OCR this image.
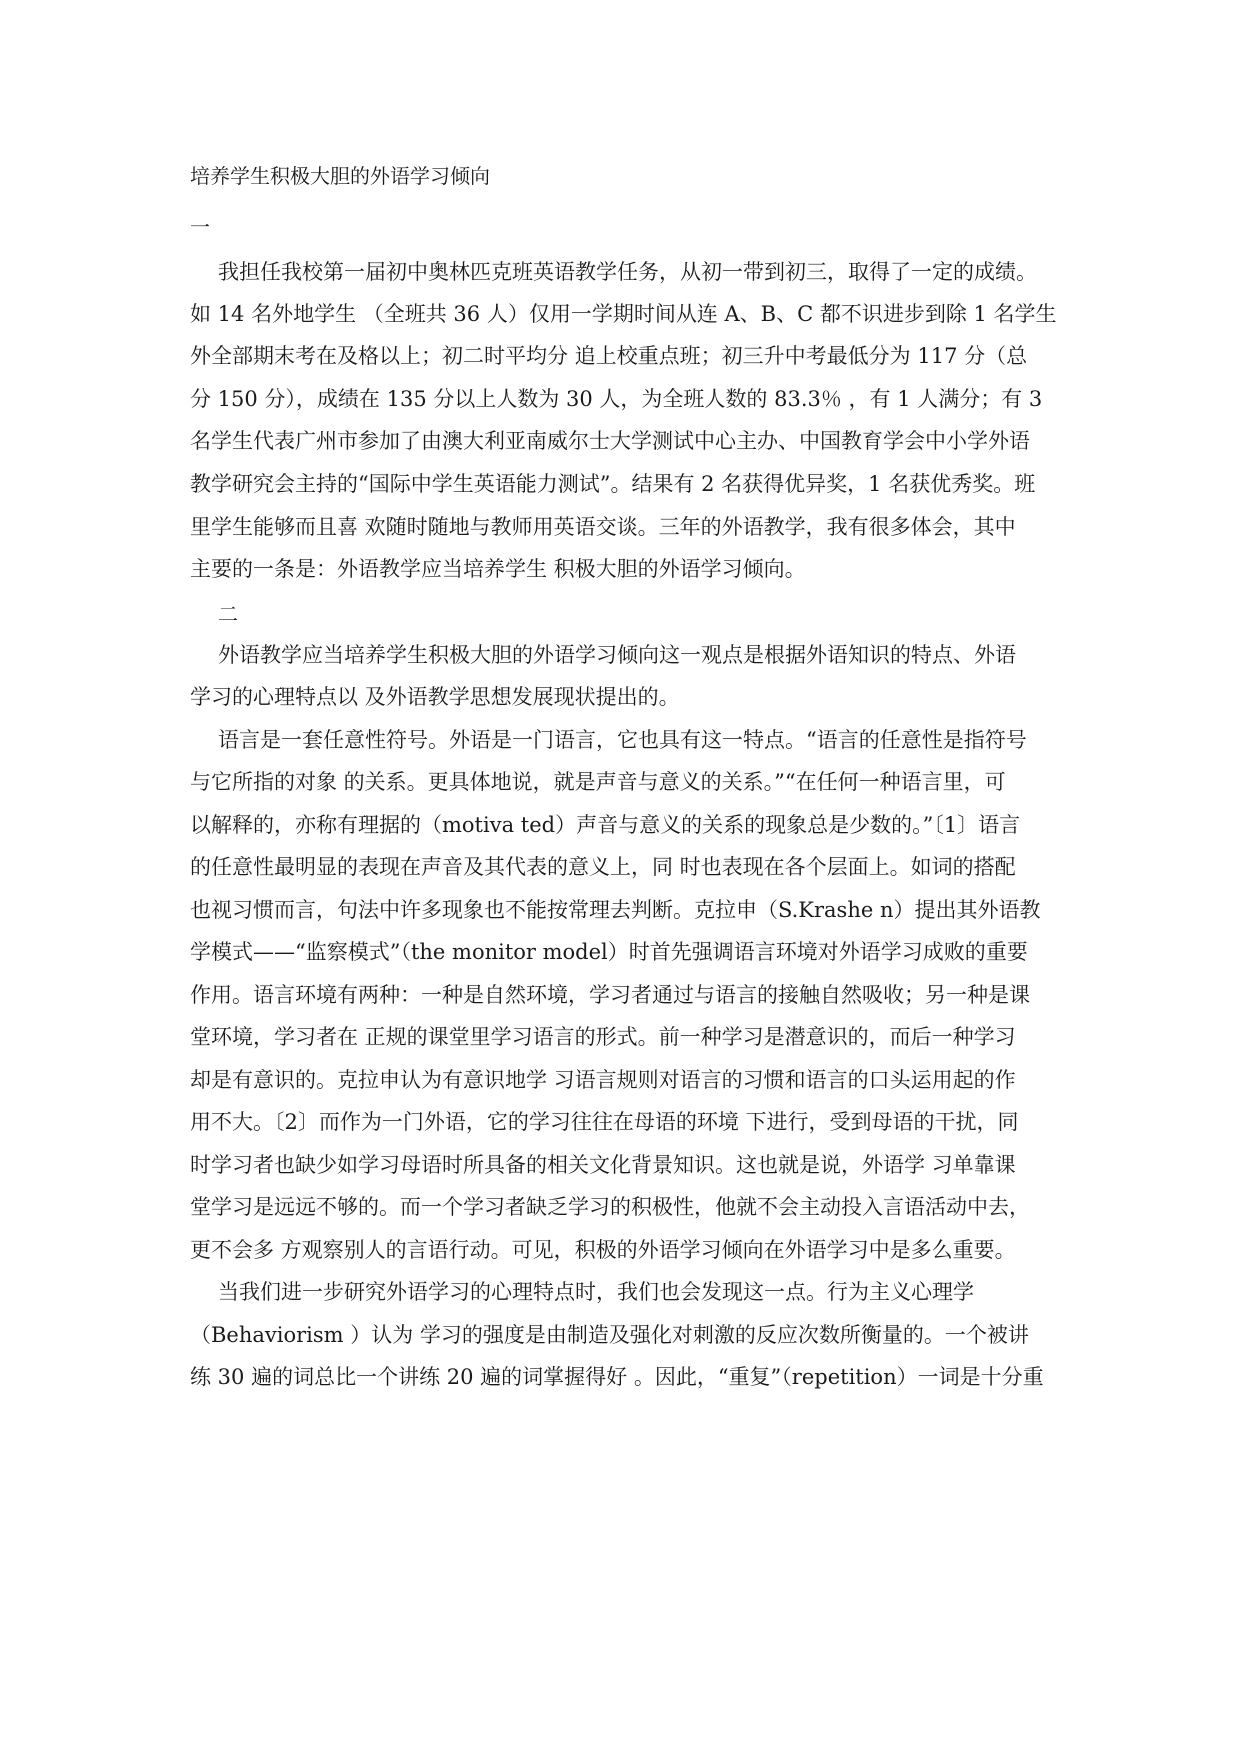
培养学生积极大胆的外语学习倾向
一
我担任我校第一届初中奥林匹克班英语教学任务，从初一带到初三，取得了一定的成绩。
如 14 名外地学生 （全班共 36 人）仅用一学期时间从连 A、B、C 都不识进步到除 1 名学生
外全部期末考在及格以上；初二时平均分 追上校重点班；初三升中考最低分为 117 分（总
分 150 分），成绩在 135 分以上人数为 30 人，为全班人数的 83.3％ ，有 1 人满分；有 3
名学生代表广州市参加了由澳大利亚南威尔士大学测试中心主办、中国教育学会中小学外语
教学研究会主持的“国际中学生英语能力测试”。结果有 2 名获得优异奖，1 名获优秀奖。班
里学生能够而且喜 欢随时随地与教师用英语交谈。三年的外语教学，我有很多体会，其中
主要的一条是：外语教学应当培养学生 积极大胆的外语学习倾向。
二
外语教学应当培养学生积极大胆的外语学习倾向这一观点是根据外语知识的特点、外语
学习的心理特点以 及外语教学思想发展现状提出的。
语言是一套任意性符号。外语是一门语言，它也具有这一特点。“语言的任意性是指符号
与它所指的对象 的关系。更具体地说，就是声音与意义的关系。”“在任何一种语言里，可
以解释的，亦称有理据的（motiva ted）声音与意义的关系的现象总是少数的。”〔1〕语言
的任意性最明显的表现在声音及其代表的意义上，同 时也表现在各个层面上。如词的搭配
也视习惯而言，句法中许多现象也不能按常理去判断。克拉申（S.Krashe n）提出其外语教
学模式——“监察模式”（the monitor model）时首先强调语言环境对外语学习成败的重要
作用。语言环境有两种：一种是自然环境，学习者通过与语言的接触自然吸收；另一种是课
堂环境，学习者在 正规的课堂里学习语言的形式。前一种学习是潜意识的，而后一种学习
却是有意识的。克拉申认为有意识地学 习语言规则对语言的习惯和语言的口头运用起的作
用不大。〔2〕而作为一门外语，它的学习往往在母语的环境 下进行，受到母语的干扰，同
时学习者也缺少如学习母语时所具备的相关文化背景知识。这也就是说，外语学 习单靠课
堂学习是远远不够的。而一个学习者缺乏学习的积极性，他就不会主动投入言语活动中去，
更不会多 方观察别人的言语行动。可见，积极的外语学习倾向在外语学习中是多么重要。
当我们进一步研究外语学习的心理特点时，我们也会发现这一点。行为主义心理学
（Behaviorism ）认为 学习的强度是由制造及强化对刺激的反应次数所衡量的。一个被讲
练 30 遍的词总比一个讲练 20 遍的词掌握得好 。因此，“重复”（repetition）一词是十分重
